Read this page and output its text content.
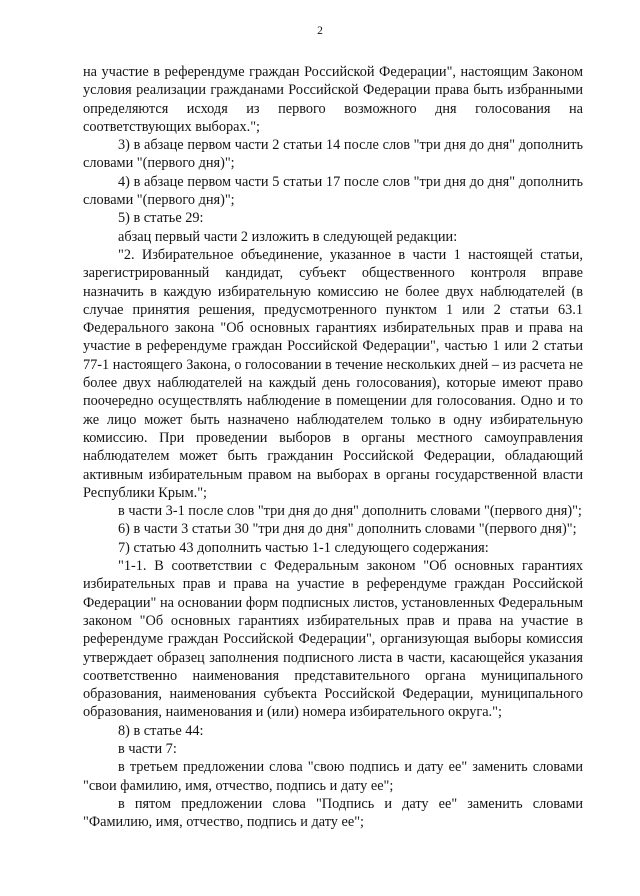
2

на участие в референдуме граждан Российской Федерации", настоящим Законом условия реализации гражданами Российской Федерации права быть избранными определяются исходя из первого возможного дня голосования на соответствующих выборах.";

3) в абзаце первом части 2 статьи 14 после слов "три дня до дня" дополнить словами "(первого дня)";

4) в абзаце первом части 5 статьи 17 после слов "три дня до дня" дополнить словами "(первого дня)";

5) в статье 29:

абзац первый части 2 изложить в следующей редакции:

"2. Избирательное объединение, указанное в части 1 настоящей статьи, зарегистрированный кандидат, субъект общественного контроля вправе назначить в каждую избирательную комиссию не более двух наблюдателей (в случае принятия решения, предусмотренного пунктом 1 или 2 статьи 63.1 Федерального закона "Об основных гарантиях избирательных прав и права на участие в референдуме граждан Российской Федерации", частью 1 или 2 статьи 77-1 настоящего Закона, о голосовании в течение нескольких дней – из расчета не более двух наблюдателей на каждый день голосования), которые имеют право поочередно осуществлять наблюдение в помещении для голосования. Одно и то же лицо может быть назначено наблюдателем только в одну избирательную комиссию. При проведении выборов в органы местного самоуправления наблюдателем может быть гражданин Российской Федерации, обладающий активным избирательным правом на выборах в органы государственной власти Республики Крым.";

в части 3-1 после слов "три дня до дня" дополнить словами "(первого дня)";

6) в части 3 статьи 30 "три дня до дня" дополнить словами "(первого дня)";

7) статью 43 дополнить частью 1-1 следующего содержания:

"1-1. В соответствии с Федеральным законом "Об основных гарантиях избирательных прав и права на участие в референдуме граждан Российской Федерации" на основании форм подписных листов, установленных Федеральным законом "Об основных гарантиях избирательных прав и права на участие в референдуме граждан Российской Федерации", организующая выборы комиссия утверждает образец заполнения подписного листа в части, касающейся указания соответственно наименования представительного органа муниципального образования, наименования субъекта Российской Федерации, муниципального образования, наименования и (или) номера избирательного округа.";

8) в статье 44:

в части 7:

в третьем предложении слова "свою подпись и дату ее" заменить словами "свои фамилию, имя, отчество, подпись и дату ее";

в пятом предложении слова "Подпись и дату ее" заменить словами "Фамилию, имя, отчество, подпись и дату ее";
